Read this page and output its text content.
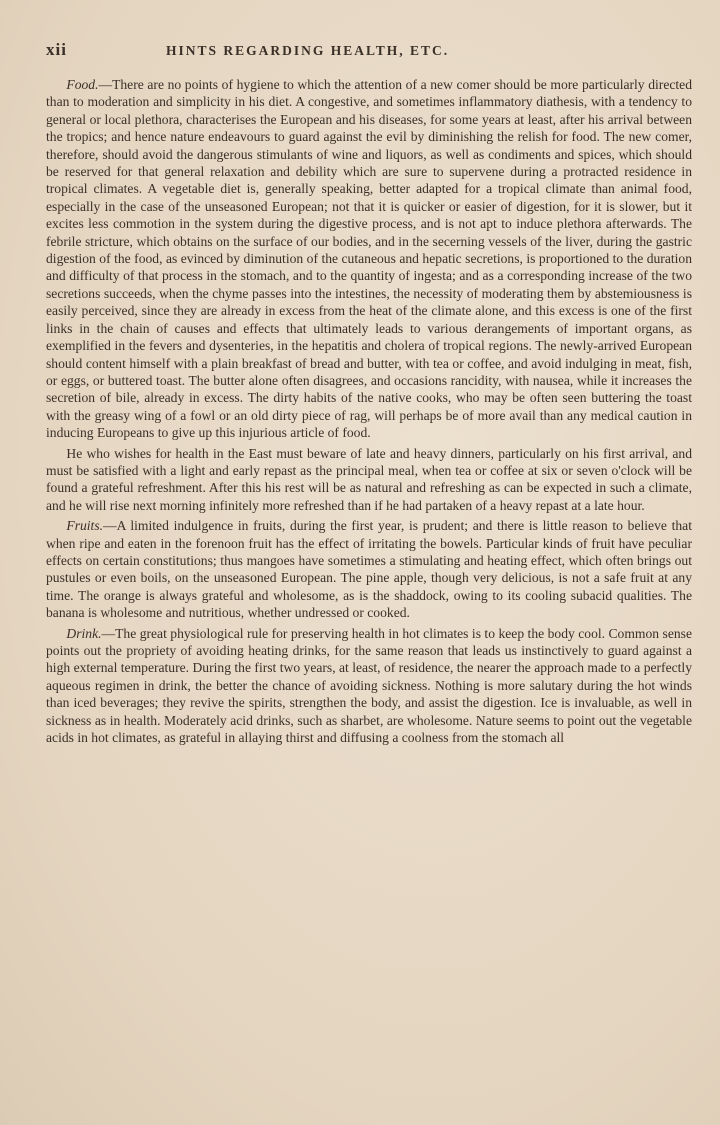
xii	HINTS REGARDING HEALTH, ETC.

Food.—There are no points of hygiene to which the attention of a new comer should be more particularly directed than to moderation and simplicity in his diet. A congestive, and sometimes inflammatory diathesis, with a tendency to general or local plethora, characterises the European and his diseases, for some years at least, after his arrival between the tropics; and hence nature endeavours to guard against the evil by diminishing the relish for food. The new comer, therefore, should avoid the dangerous stimulants of wine and liquors, as well as condiments and spices, which should be reserved for that general relaxation and debility which are sure to supervene during a protracted residence in tropical climates. A vegetable diet is, generally speaking, better adapted for a tropical climate than animal food, especially in the case of the unseasoned European; not that it is quicker or easier of digestion, for it is slower, but it excites less commotion in the system during the digestive process, and is not apt to induce plethora afterwards. The febrile stricture, which obtains on the surface of our bodies, and in the secerning vessels of the liver, during the gastric digestion of the food, as evinced by diminution of the cutaneous and hepatic secretions, is proportioned to the duration and difficulty of that process in the stomach, and to the quantity of ingesta; and as a corresponding increase of the two secretions succeeds, when the chyme passes into the intestines, the necessity of moderating them by abstemiousness is easily perceived, since they are already in excess from the heat of the climate alone, and this excess is one of the first links in the chain of causes and effects that ultimately leads to various derangements of important organs, as exemplified in the fevers and dysenteries, in the hepatitis and cholera of tropical regions. The newly-arrived European should content himself with a plain breakfast of bread and butter, with tea or coffee, and avoid indulging in meat, fish, or eggs, or buttered toast. The butter alone often disagrees, and occasions rancidity, with nausea, while it increases the secretion of bile, already in excess. The dirty habits of the native cooks, who may be often seen buttering the toast with the greasy wing of a fowl or an old dirty piece of rag, will perhaps be of more avail than any medical caution in inducing Europeans to give up this injurious article of food.

He who wishes for health in the East must beware of late and heavy dinners, particularly on his first arrival, and must be satisfied with a light and early repast as the principal meal, when tea or coffee at six or seven o'clock will be found a grateful refreshment. After this his rest will be as natural and refreshing as can be expected in such a climate, and he will rise next morning infinitely more refreshed than if he had partaken of a heavy repast at a late hour.

Fruits.—A limited indulgence in fruits, during the first year, is prudent; and there is little reason to believe that when ripe and eaten in the forenoon fruit has the effect of irritating the bowels. Particular kinds of fruit have peculiar effects on certain constitutions; thus mangoes have sometimes a stimulating and heating effect, which often brings out pustules or even boils, on the unseasoned European. The pine apple, though very delicious, is not a safe fruit at any time. The orange is always grateful and wholesome, as is the shaddock, owing to its cooling subacid qualities. The banana is wholesome and nutritious, whether undressed or cooked.

Drink.—The great physiological rule for preserving health in hot climates is to keep the body cool. Common sense points out the propriety of avoiding heating drinks, for the same reason that leads us instinctively to guard against a high external temperature. During the first two years, at least, of residence, the nearer the approach made to a perfectly aqueous regimen in drink, the better the chance of avoiding sickness. Nothing is more salutary during the hot winds than iced beverages; they revive the spirits, strengthen the body, and assist the digestion. Ice is invaluable, as well in sickness as in health. Moderately acid drinks, such as sharbet, are wholesome. Nature seems to point out the vegetable acids in hot climates, as grateful in allaying thirst and diffusing a coolness from the stomach all
